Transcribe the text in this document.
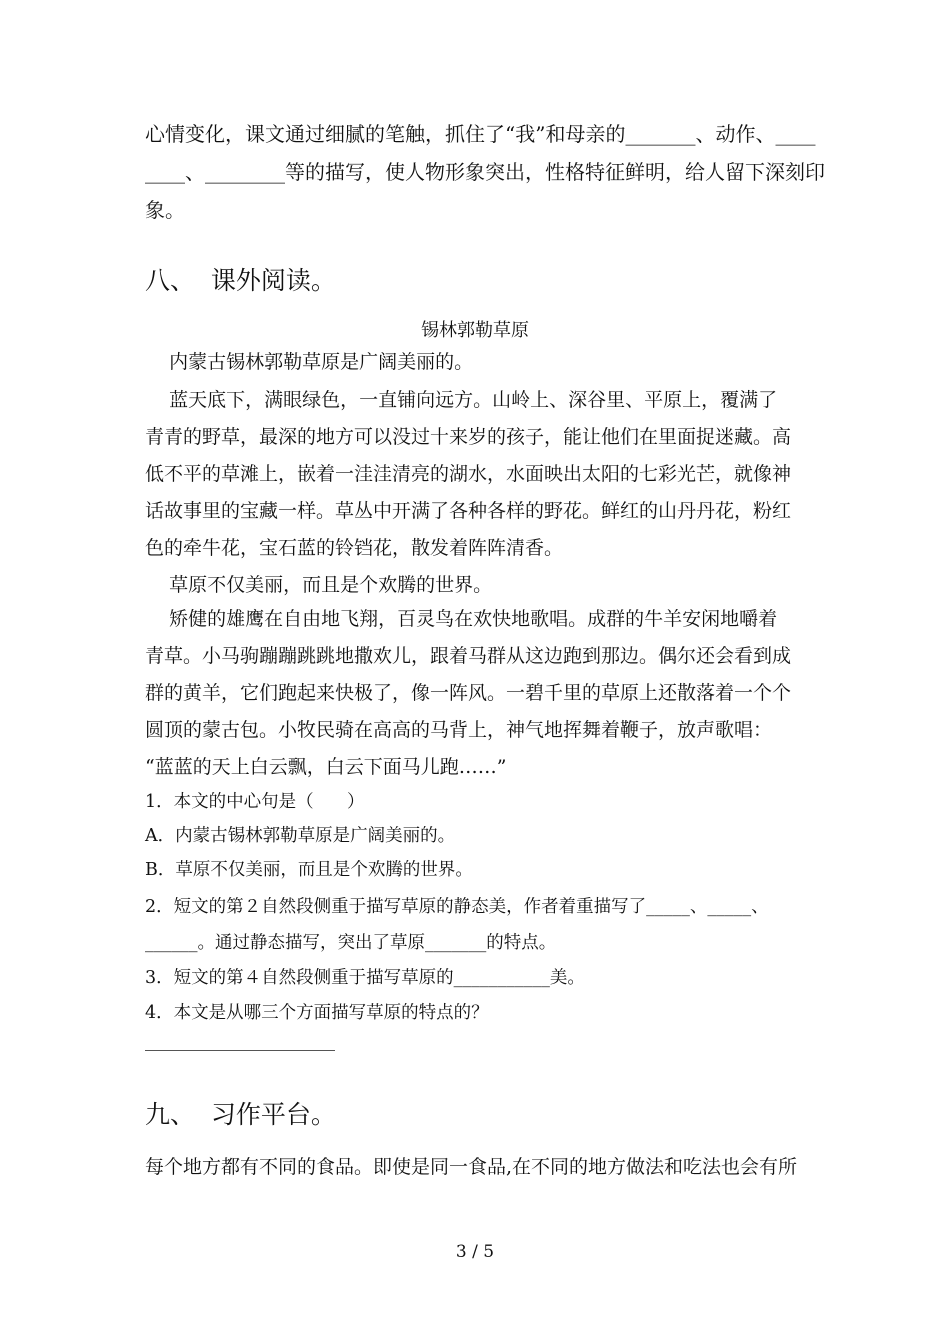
心情变化，课文通过细腻的笔触，抓住了“我”和母亲的_______、动作、____
____、________等的描写，使人物形象突出，性格特征鲜明，给人留下深刻印
象。
八、  课外阅读。
锡林郭勒草原
内蒙古锡林郭勒草原是广阔美丽的。
蓝天底下，满眼绿色，一直铺向远方。山岭上、深谷里、平原上，覆满了
青青的野草，最深的地方可以没过十来岁的孩子，能让他们在里面捉迷藏。高
低不平的草滩上，嵌着一洼洼清亮的湖水，水面映出太阳的七彩光芒，就像神
话故事里的宝藏一样。草丛中开满了各种各样的野花。鲜红的山丹丹花，粉红
色的牵牛花，宝石蓝的铃铛花，散发着阵阵清香。
草原不仅美丽，而且是个欢腾的世界。
矫健的雄鹰在自由地飞翔，百灵鸟在欢快地歌唱。成群的牛羊安闲地嚼着
青草。小马驹蹦蹦跳跳地撒欢儿，跟着马群从这边跑到那边。偶尔还会看到成
群的黄羊，它们跑起来快极了，像一阵风。一碧千里的草原上还散落着一个个
圆顶的蒙古包。小牧民骑在高高的马背上，神气地挥舞着鞭子，放声歌唱：
“蓝蓝的天上白云飘，白云下面马儿跑……”
1．本文的中心句是（      ）
A．内蒙古锡林郭勒草原是广阔美丽的。
B．草原不仅美丽，而且是个欢腾的世界。
2．短文的第２自然段侧重于描写草原的静态美，作者着重描写了_____、_____、
______。通过静态描写，突出了草原_______的特点。
3．短文的第４自然段侧重于描写草原的___________美。
4．本文是从哪三个方面描写草原的特点的？
九、  习作平台。
每个地方都有不同的食品。即使是同一食品,在不同的地方做法和吃法也会有所
3 / 5
